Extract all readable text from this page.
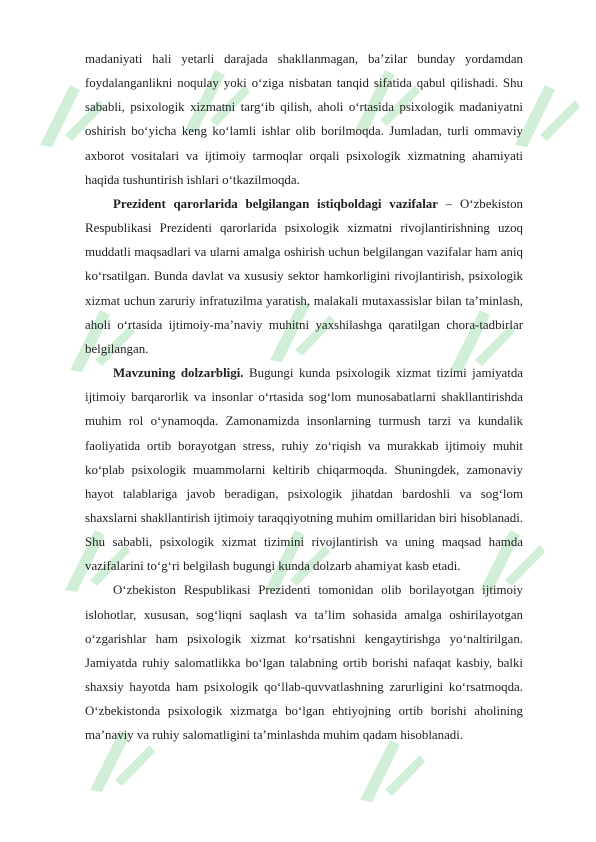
madaniyati hali yetarli darajada shakllanmagan, ba’zilar bunday yordamdan foydalanganlikni noqulay yoki o‘ziga nisbatan tanqid sifatida qabul qilishadi. Shu sababli, psixologik xizmatni targ‘ib qilish, aholi o‘rtasida psixologik madaniyatni oshirish bo‘yicha keng ko‘lamli ishlar olib borilmoqda. Jumladan, turli ommaviy axborot vositalari va ijtimoiy tarmoqlar orqali psixologik xizmatning ahamiyati haqida tushuntirish ishlari o‘tkazilmoqda.

Prezident qarorlarida belgilangan istiqboldagi vazifalar – O‘zbekiston Respublikasi Prezidenti qarorlarida psixologik xizmatni rivojlantirishning uzoq muddatli maqsadlari va ularni amalga oshirish uchun belgilangan vazifalar ham aniq ko‘rsatilgan. Bunda davlat va xususiy sektor hamkorligini rivojlantirish, psixologik xizmat uchun zaruriy infratuzilma yaratish, malakali mutaxassislar bilan ta’minlash, aholi o‘rtasida ijtimoiy-ma’naviy muhitni yaxshilashga qaratilgan chora-tadbirlar belgilangan.

Mavzuning dolzarbligi. Bugungi kunda psixologik xizmat tizimi jamiyatda ijtimoiy barqarorlik va insonlar o‘rtasida sog‘lom munosabatlarni shakllantirishda muhim rol o‘ynamoqda. Zamonamizda insonlarning turmush tarzi va kundalik faoliyatida ortib borayotgan stress, ruhiy zo‘riqish va murakkab ijtimoiy muhit ko‘plab psixologik muammolarni keltirib chiqarmoqda. Shuningdek, zamonaviy hayot talablariga javob beradigan, psixologik jihatdan bardoshli va sog‘lom shaxslarni shakllantirish ijtimoiy taraqqiyotning muhim omillaridan biri hisoblanadi. Shu sababli, psixologik xizmat tizimini rivojlantirish va uning maqsad hamda vazifalarini to‘g‘ri belgilash bugungi kunda dolzarb ahamiyat kasb etadi.

O‘zbekiston Respublikasi Prezidenti tomonidan olib borilayotgan ijtimoiy islohotlar, xususan, sog‘liqni saqlash va ta’lim sohasida amalga oshirilayotgan o‘zgarishlar ham psixologik xizmat ko‘rsatishni kengaytirishga yo‘naltirilgan. Jamiyatda ruhiy salomatlikka bo‘lgan talabning ortib borishi nafaqat kasbiy, balki shaxsiy hayotda ham psixologik qo‘llab-quvvatlashning zarurligini ko‘rsatmoqda. O‘zbekistonda psixologik xizmatga bo‘lgan ehtiyojning ortib borishi aholining ma’naviy va ruhiy salomatligini ta’minlashda muhim qadam hisoblanadi.
